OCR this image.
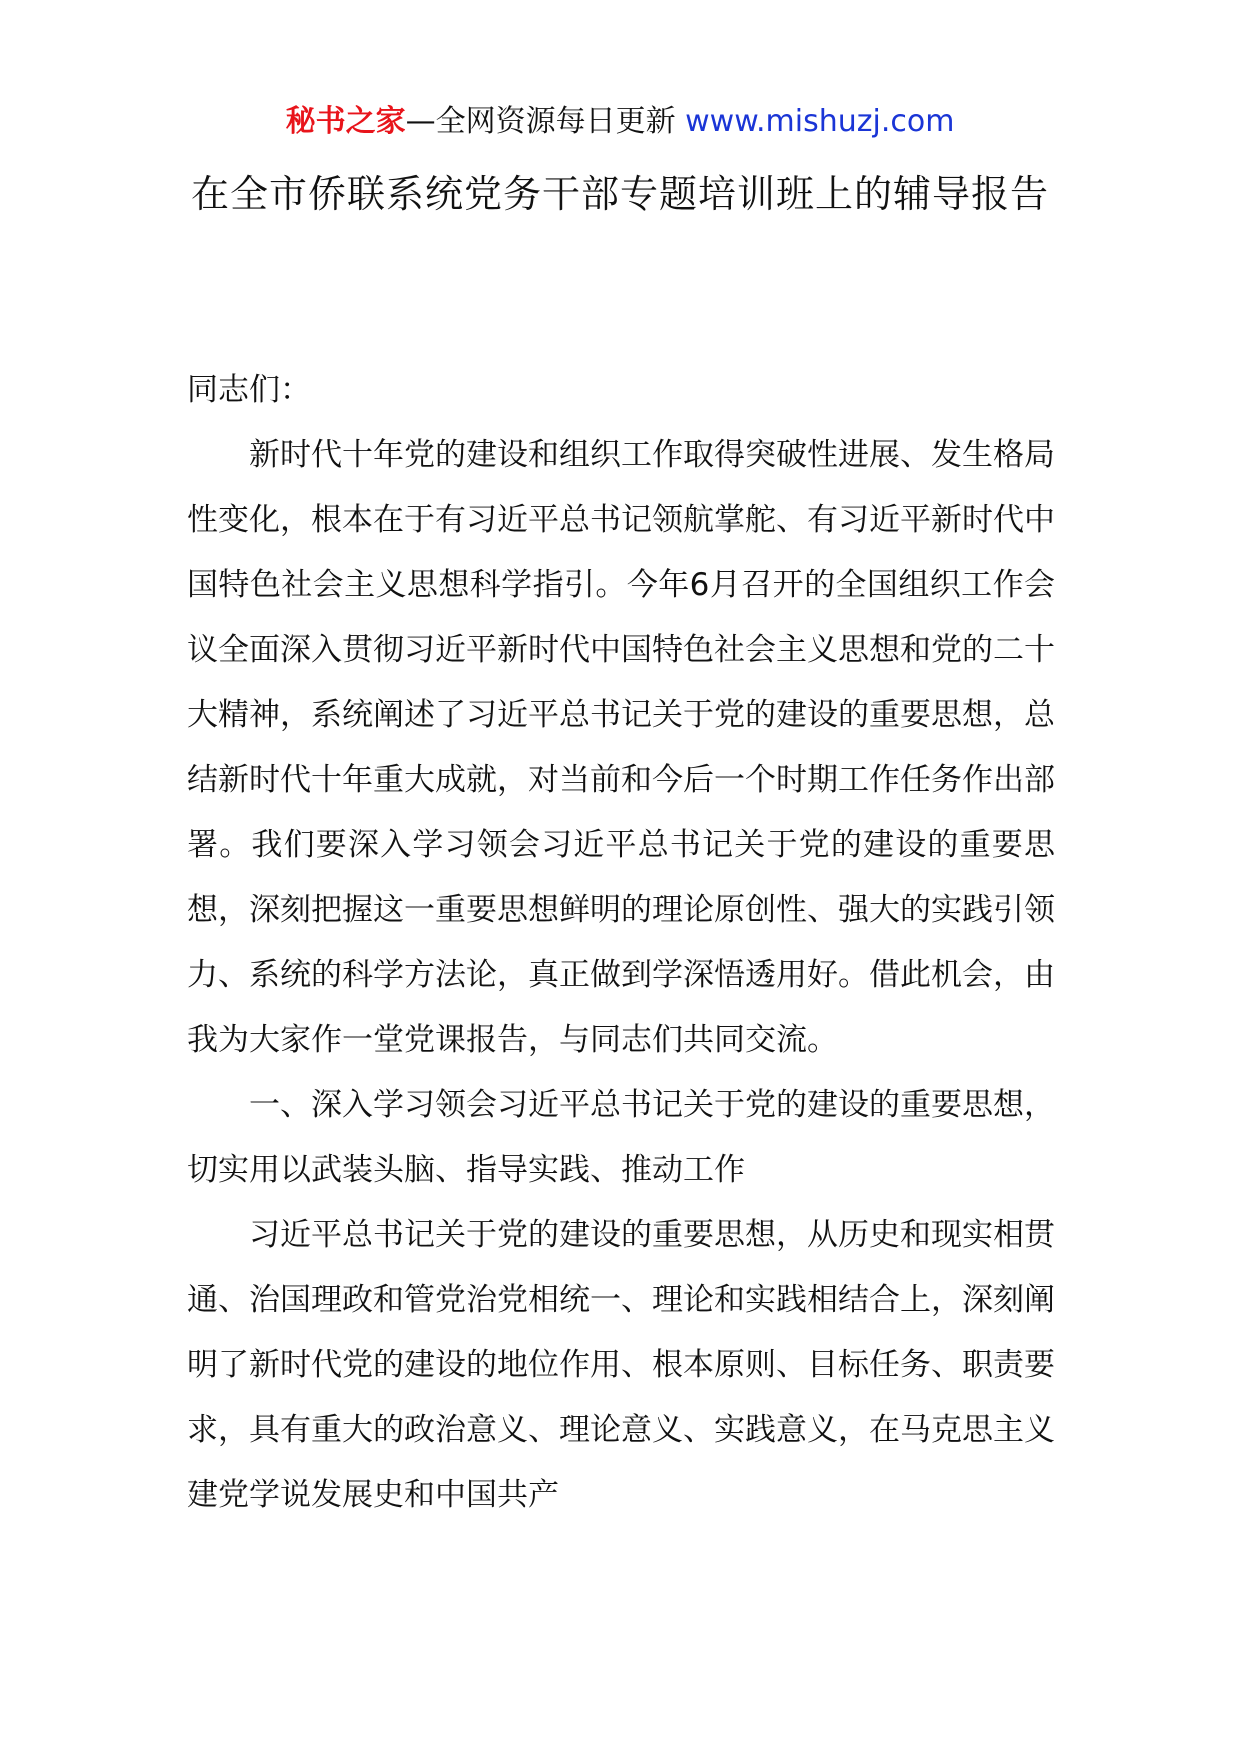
秘书之家—全网资源每日更新 www.mishuzj.com
在全市侨联系统党务干部专题培训班上的辅导报告

同志们：

新时代十年党的建设和组织工作取得突破性进展、发生格局性变化，根本在于有习近平总书记领航掌舵、有习近平新时代中国特色社会主义思想科学指引。今年6月召开的全国组织工作会议全面深入贯彻习近平新时代中国特色社会主义思想和党的二十大精神，系统阐述了习近平总书记关于党的建设的重要思想，总结新时代十年重大成就，对当前和今后一个时期工作任务作出部署。我们要深入学习领会习近平总书记关于党的建设的重要思想，深刻把握这一重要思想鲜明的理论原创性、强大的实践引领力、系统的科学方法论，真正做到学深悟透用好。借此机会，由我为大家作一堂党课报告，与同志们共同交流。

一、深入学习领会习近平总书记关于党的建设的重要思想，切实用以武装头脑、指导实践、推动工作

习近平总书记关于党的建设的重要思想，从历史和现实相贯通、治国理政和管党治党相统一、理论和实践相结合上，深刻阐明了新时代党的建设的地位作用、根本原则、目标任务、职责要求，具有重大的政治意义、理论意义、实践意义，在马克思主义建党学说发展史和中国共产
